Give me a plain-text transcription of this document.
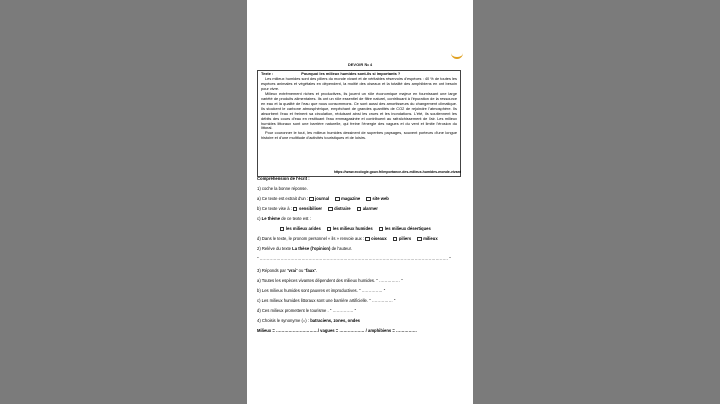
DEVOIR № 4
Texte :	Pourquoi les milieux humides sont-ils si importants ?

Les milieux humides sont des piliers du monde vivant et de véritables réservoirs d'espèces : 40 % de toutes les espèces animales et végétales en dépendent, la moitié des oiseaux et la totalité des amphibiens en ont besoin pour vivre.

Milieux extrêmement riches et productives, ils jouent un rôle économique majeur en fournissant une large variété de produits alimentaires. Ils ont un rôle essentiel de filtre naturel, contribuant à l'épuration de la ressource en eau et la qualité de l'eau que nous consommons. Ce sont aussi des amortisseurs du changement climatique. Ils stockent le carbone atmosphérique, empêchant de grandes quantités de CO2 de rejoindre l'atmosphère. Ils absorbent l'eau et freinent sa circulation, réduisant ainsi les crues et les inondations. L'été, ils soutiennent les débits des cours d'eau en restituant l'eau emmagasinée et contribuent au rafraîchissement de l'air. Les milieux humides littoraux sont une barrière naturelle, qui freine l'énergie des vagues et du vent et limite l'érosion du littoral.

Pour couronner le tout, les milieux humides dessinent de superbes paysages, souvent porteurs d'une longue histoire et d'une multitude d'activités touristiques et de loisirs.

https://www.ecologie.gouv.fr/importance-des-milieux-humides-monde-vivant
Compréhension de l'écrit :
1) coche la bonne réponse.
a) Ce texte est extrait d'un : journal	magazine	site web
b) Ce texte vise à : sensibiliser	distraire	alarmer
c) Le thème de ce texte est :
les milieux arides	les milieux humides	les milieux désertiques
d) Dans le texte, le pronom personnel « ils » renvoie aux : oiseaux	piliers	milieux
2) Relève du texte La thèse (l'opinion) de l'auteur.
" ……………………………………………………………………………………………………………………… "
3) Réponds par "vrai" ou "faux".
a) Toutes les espèces vivantes dépendent des milieux humides. " …………… "
b) Les milieux humides sont pauvres et improductives. " …………… "
c) Les milieux humides littoraux sont une barrière artificielle. " …………… "
d) Ces milieux promettent le tourisme . " …………… "
4) Choisis le synonyme (=) : batraciens, zones, ondes
Milieux = …………………………/ vagues = ……………… / amphibiens = ……………
InShOt
